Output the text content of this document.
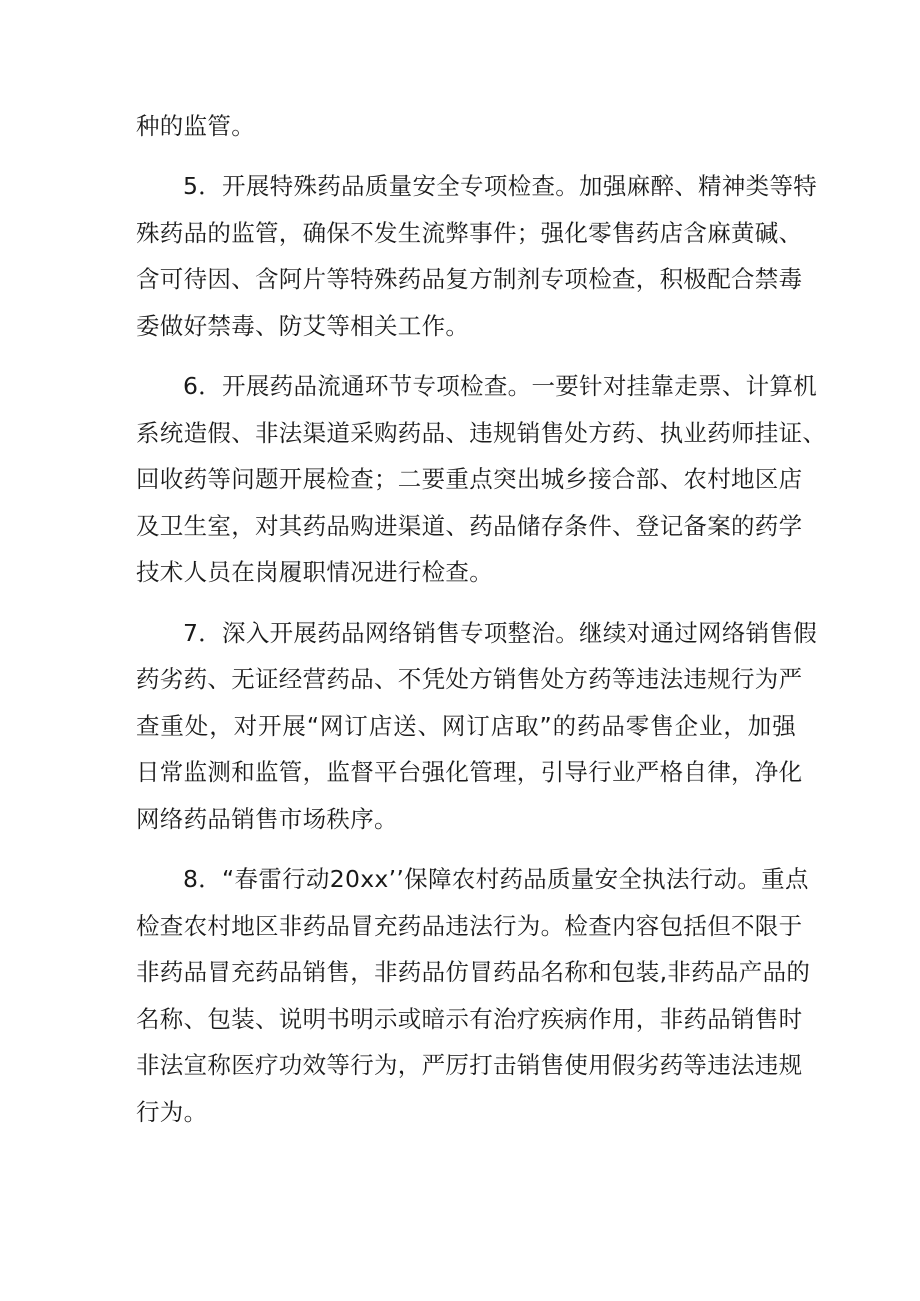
种的监管。
5．开展特殊药品质量安全专项检查。加强麻醉、精神类等特
殊药品的监管，确保不发生流弊事件；强化零售药店含麻黄碱、
含可待因、含阿片等特殊药品复方制剂专项检查，积极配合禁毒
委做好禁毒、防艾等相关工作。
6．开展药品流通环节专项检查。一要针对挂靠走票、计算机
系统造假、非法渠道采购药品、违规销售处方药、执业药师挂证、
回收药等问题开展检查；二要重点突出城乡接合部、农村地区店
及卫生室，对其药品购进渠道、药品储存条件、登记备案的药学
技术人员在岗履职情况进行检查。
7．深入开展药品网络销售专项整治。继续对通过网络销售假
药劣药、无证经营药品、不凭处方销售处方药等违法违规行为严
查重处，对开展“网订店送、网订店取”的药品零售企业，加强
日常监测和监管，监督平台强化管理，引导行业严格自律，净化
网络药品销售市场秩序。
8．“春雷行动20xx’’保障农村药品质量安全执法行动。重点
检查农村地区非药品冒充药品违法行为。检查内容包括但不限于
非药品冒充药品销售，非药品仿冒药品名称和包装,非药品产品的
名称、包装、说明书明示或暗示有治疗疾病作用，非药品销售时
非法宣称医疗功效等行为，严厉打击销售使用假劣药等违法违规
行为。
